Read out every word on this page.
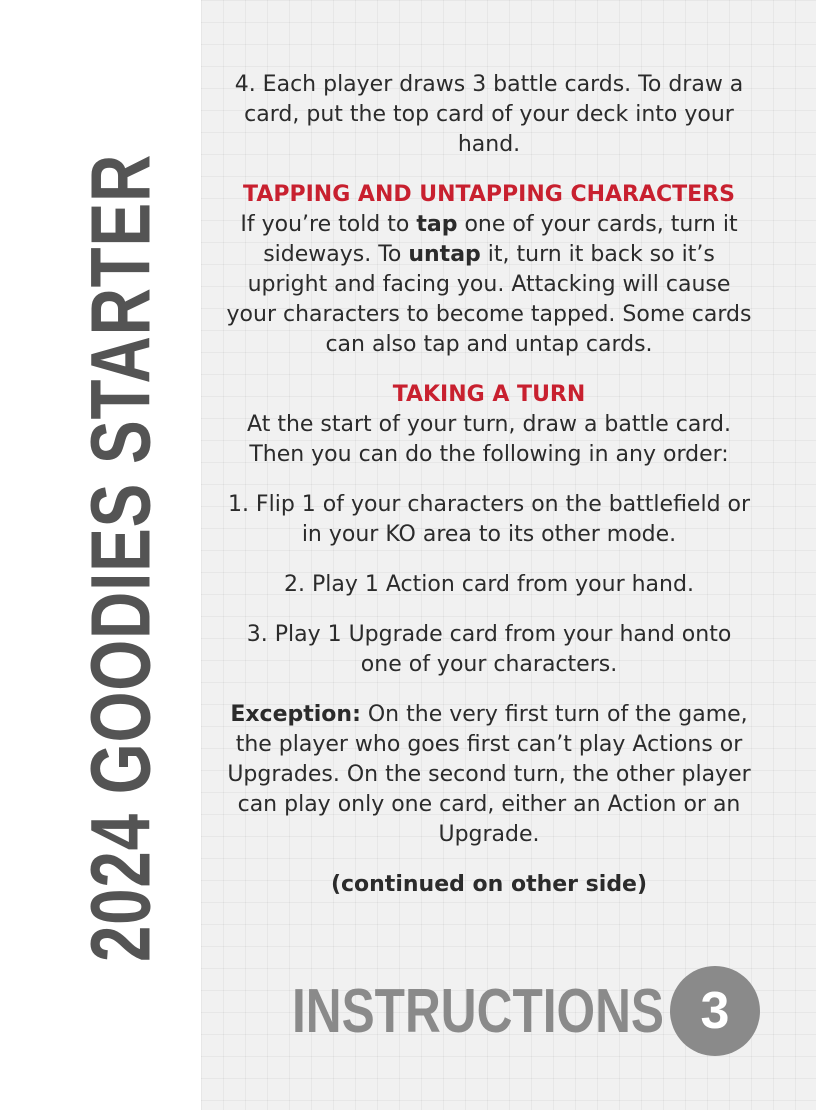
2024 GOODIES STARTER

4. Each player draws 3 battle cards. To draw a card, put the top card of your deck into your hand.

TAPPING AND UNTAPPING CHARACTERS
If you’re told to tap one of your cards, turn it sideways. To untap it, turn it back so it’s upright and facing you. Attacking will cause your characters to become tapped. Some cards can also tap and untap cards.

TAKING A TURN
At the start of your turn, draw a battle card. Then you can do the following in any order:

1. Flip 1 of your characters on the battlefield or in your KO area to its other mode.

2. Play 1 Action card from your hand.

3. Play 1 Upgrade card from your hand onto one of your characters.

Exception: On the very first turn of the game, the player who goes first can’t play Actions or Upgrades. On the second turn, the other player can play only one card, either an Action or an Upgrade.

(continued on other side)

INSTRUCTIONS 3
